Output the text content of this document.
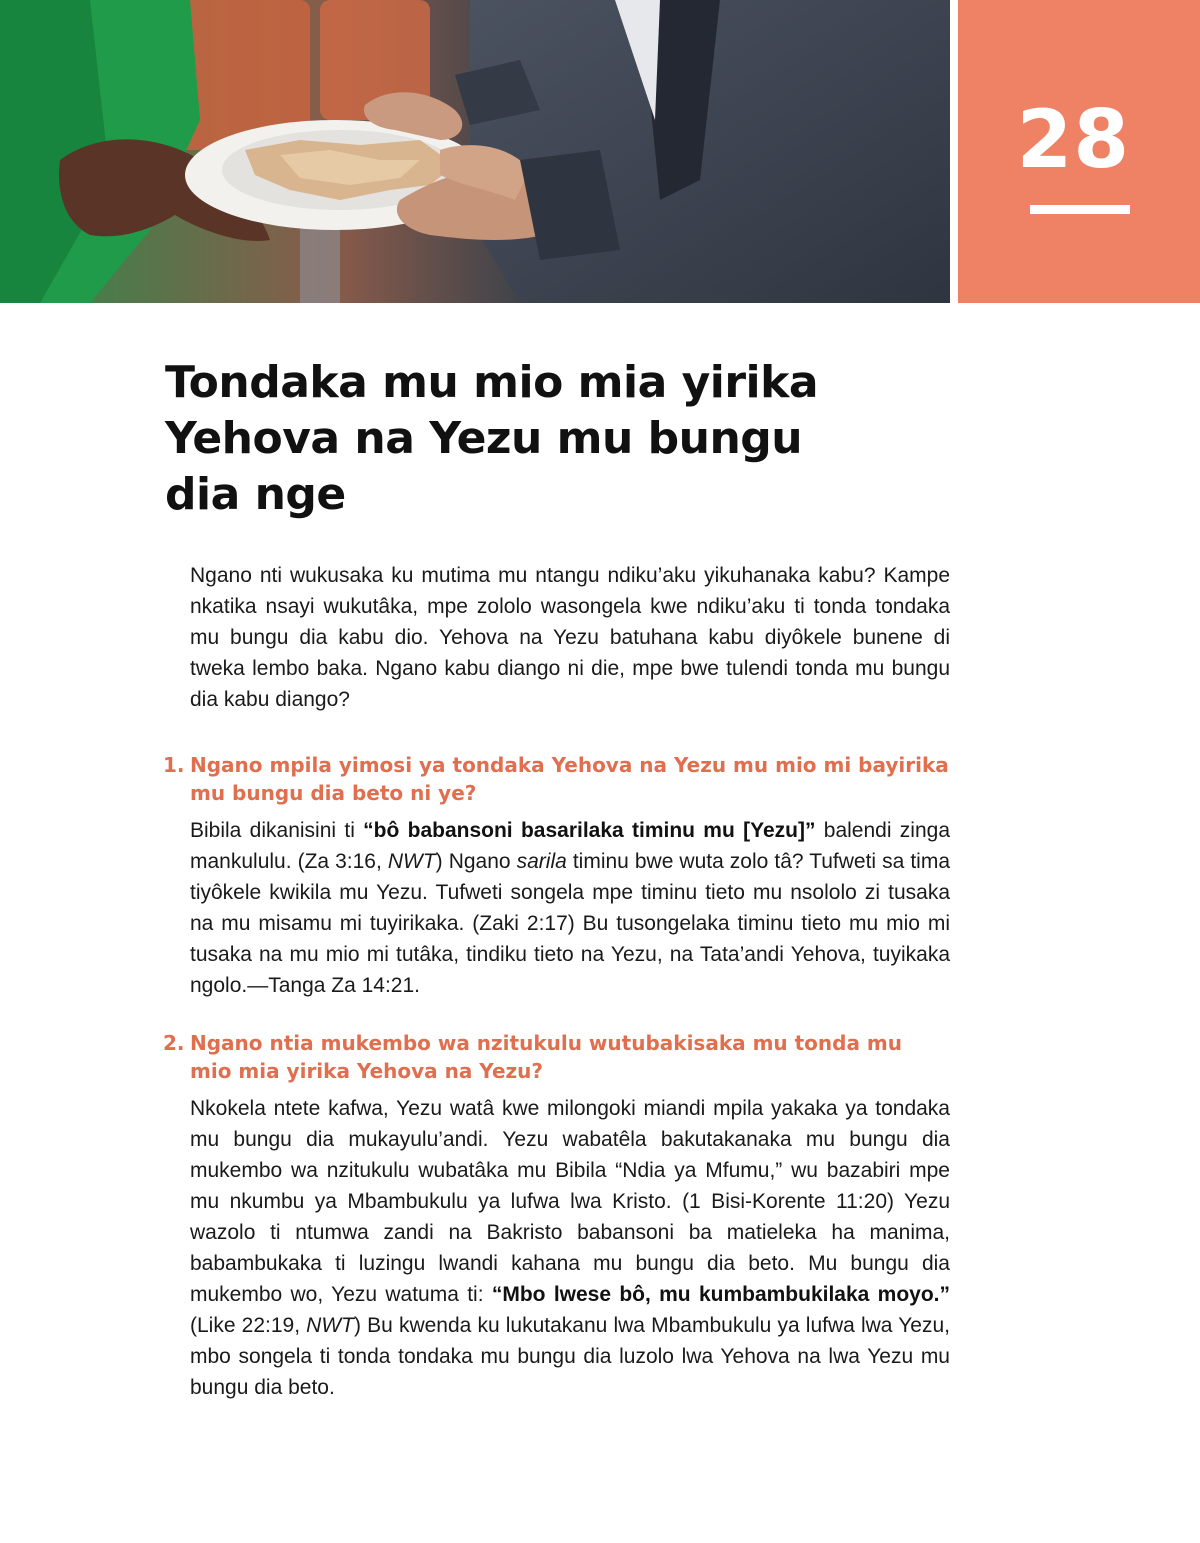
28
Tondaka mu mio mia yirika Yehova na Yezu mu bungu dia nge

Ngano nti wukusaka ku mutima mu ntangu ndiku’aku yikuhanaka kabu? Kampe nkatika nsayi wukutâka, mpe zololo wasongela kwe ndiku’aku ti tonda tondaka mu bungu dia kabu dio. Yehova na Yezu batuhana kabu diyôkele bunene di tweka lembo baka. Ngano kabu diango ni die, mpe bwe tulendi tonda mu bungu dia kabu diango?

1. Ngano mpila yimosi ya tondaka Yehova na Yezu mu mio mi bayirika mu bungu dia beto ni ye?

Bibila dikanisini ti “bô babansoni basarilaka timinu mu [Yezu]” balendi zinga mankululu. (Za 3:16, NWT) Ngano sarila timinu bwe wuta zolo tâ? Tufweti sa tima tiyôkele kwikila mu Yezu. Tufweti songela mpe timinu tieto mu nsololo zi tusaka na mu misamu mi tuyirikaka. (Zaki 2:17) Bu tusongelaka timinu tieto mu mio mi tusaka na mu mio mi tutâka, tindiku tieto na Yezu, na Tata’andi Yehova, tuyikaka ngolo.—Tanga Za 14:21.

2. Ngano ntia mukembo wa nzitukulu wutubakisaka mu tonda mu mio mia yirika Yehova na Yezu?

Nkokela ntete kafwa, Yezu watâ kwe milongoki miandi mpila yakaka ya tondaka mu bungu dia mukayulu’andi. Yezu wabatêla bakutakanaka mu bungu dia mukembo wa nzitukulu wubatâka mu Bibila “Ndia ya Mfumu,” wu bazabiri mpe mu nkumbu ya Mbambukulu ya lufwa lwa Kristo. (1 Bisi-Korente 11:20) Yezu wazolo ti ntumwa zandi na Bakristo babansoni ba matieleka ha manima, babambukaka ti luzingu lwandi kahana mu bungu dia beto. Mu bungu dia mukembo wo, Yezu watuma ti: “Mbo lwese bô, mu kumbambukilaka moyo.” (Like 22:19, NWT) Bu kwenda ku lukutakanu lwa Mbambukulu ya lufwa lwa Yezu, mbo songela ti tonda tondaka mu bungu dia luzolo lwa Yehova na lwa Yezu mu bungu dia beto.
